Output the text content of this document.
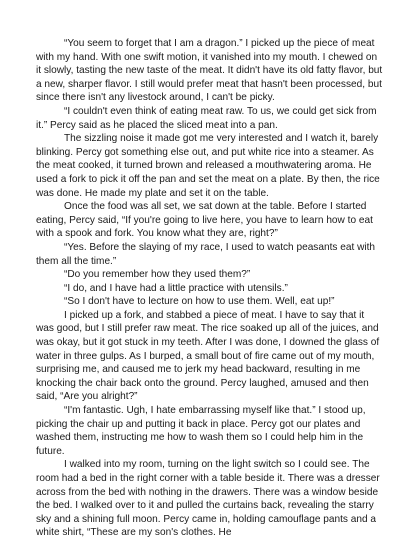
“You seem to forget that I am a dragon.” I picked up the piece of meat with my hand. With one swift motion, it vanished into my mouth. I chewed on it slowly, tasting the new taste of the meat. It didn't have its old fatty flavor, but a new, sharper flavor. I still would prefer meat that hasn't been processed, but since there isn't any livestock around, I can't be picky.

“I couldn't even think of eating meat raw. To us, we could get sick from it.” Percy said as he placed the sliced meat into a pan.

The sizzling noise it made got me very interested and I watch it, barely blinking. Percy got something else out, and put white rice into a steamer. As the meat cooked, it turned brown and released a mouthwatering aroma. He used a fork to pick it off the pan and set the meat on a plate. By then, the rice was done. He made my plate and set it on the table.

Once the food was all set, we sat down at the table. Before I started eating, Percy said, “If you're going to live here, you have to learn how to eat with a spook and fork. You know what they are, right?”

“Yes. Before the slaying of my race, I used to watch peasants eat with them all the time.”

“Do you remember how they used them?”

“I do, and I have had a little practice with utensils.”

“So I don't have to lecture on how to use them. Well, eat up!”

I picked up a fork, and stabbed a piece of meat. I have to say that it was good, but I still prefer raw meat. The rice soaked up all of the juices, and was okay, but it got stuck in my teeth. After I was done, I downed the glass of water in three gulps. As I burped, a small bout of fire came out of my mouth, surprising me, and caused me to jerk my head backward, resulting in me knocking the chair back onto the ground. Percy laughed, amused and then said, “Are you alright?”

“I'm fantastic. Ugh, I hate embarrassing myself like that.” I stood up, picking the chair up and putting it back in place. Percy got our plates and washed them, instructing me how to wash them so I could help him in the future.

I walked into my room, turning on the light switch so I could see. The room had a bed in the right corner with a table beside it. There was a dresser across from the bed with nothing in the drawers. There was a window beside the bed. I walked over to it and pulled the curtains back, revealing the starry sky and a shining full moon. Percy came in, holding camouflage pants and a white shirt, “These are my son's clothes. He
